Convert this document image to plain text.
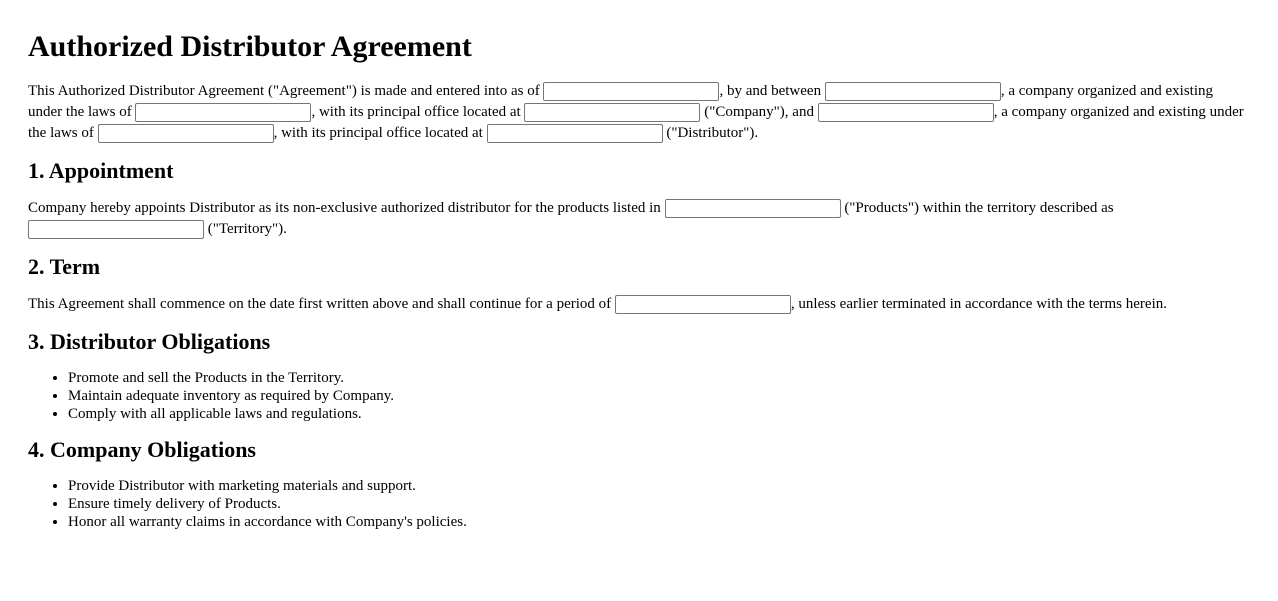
Authorized Distributor Agreement

This Authorized Distributor Agreement ("Agreement") is made and entered into as of	, by and between	, a company organized and existing under the laws of	, with its principal office located at	("Company"), and	, a company organized and existing under the laws of	, with its principal office located at	("Distributor").

1. Appointment

Company hereby appoints Distributor as its non-exclusive authorized distributor for the products listed in	("Products") within the territory described as  ("Territory").

2. Term

This Agreement shall commence on the date first written above and shall continue for a period of	, unless earlier terminated in accordance with the terms herein.

3. Distributor Obligations
• Promote and sell the Products in the Territory.
• Maintain adequate inventory as required by Company.
• Comply with all applicable laws and regulations.
4. Company Obligations
• Provide Distributor with marketing materials and support.
• Ensure timely delivery of Products.
• Honor all warranty claims in accordance with Company's policies.
